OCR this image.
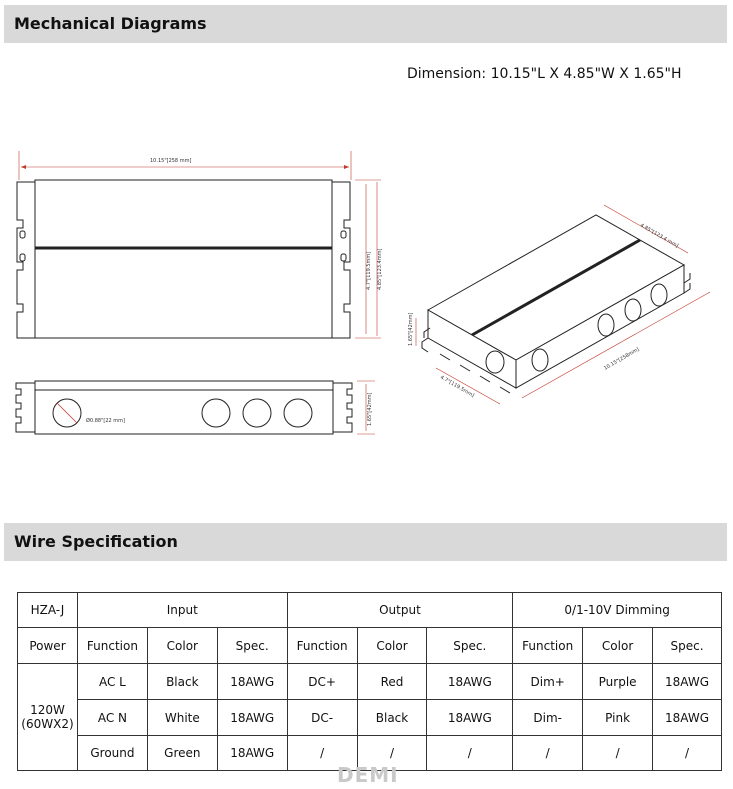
Mechanical Diagrams
Dimension: 10.15"L X 4.85"W X 1.65"H
10.15"[258 mm]
4.7"[119.5mm] 4.85"[123.4mm]
Ø0.88"[22 mm]	1.65"[42mm]
4.85"[123.4 mm]
10.15"[258mm]
1.65"[42mm]
4.7"[119.5mm]
Wire Specification
HZA-J	Input			Output			0/1-10V Dimming		
Power	Function	Color	Spec.	Function	Color	Spec.	Function	Color	Spec.

120W
(60WX2)	AC L	Black	18AWG	DC+	Red	18AWG	Dim+	Purple	18AWG
	AC N	White	18AWG	DC-	Black	18AWG	Dim-	Pink	18AWG
	Ground	Green	18AWG	/	/	/	/	/	/
DEMI
